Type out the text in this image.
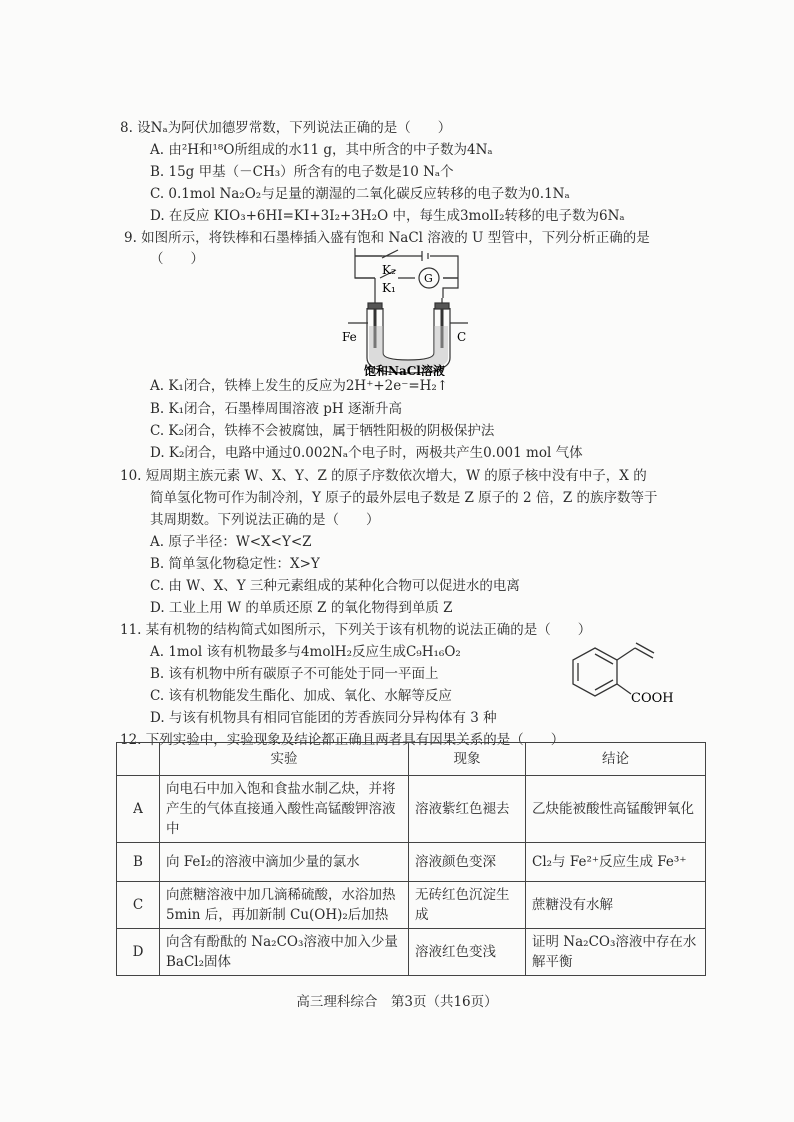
8. 设Nₐ为阿伏加德罗常数，下列说法正确的是（　　）
A. 由²H和¹⁸O所组成的水11 g，其中所含的中子数为4Nₐ
B. 15g 甲基（－CH₃）所含有的电子数是10 Nₐ个
C. 0.1mol Na₂O₂与足量的潮湿的二氧化碳反应转移的电子数为0.1Nₐ
D. 在反应 KIO₃+6HI=KI+3I₂+3H₂O 中，每生成3molI₂转移的电子数为6Nₐ
9. 如图所示，将铁棒和石墨棒插入盛有饱和 NaCl 溶液的 U 型管中，下列分析正确的是
（　　）
K₂
K₁
G
Fe	C
饱和NaCl溶液
A. K₁闭合，铁棒上发生的反应为2H⁺+2e⁻=H₂↑
B. K₁闭合，石墨棒周围溶液 pH 逐渐升高
C. K₂闭合，铁棒不会被腐蚀，属于牺牲阳极的阴极保护法
D. K₂闭合，电路中通过0.002Nₐ个电子时，两极共产生0.001 mol 气体
10. 短周期主族元素 W、X、Y、Z 的原子序数依次增大，W 的原子核中没有中子，X 的
简单氢化物可作为制冷剂，Y 原子的最外层电子数是 Z 原子的 2 倍，Z 的族序数等于
其周期数。下列说法正确的是（　　）
A. 原子半径：W<X<Y<Z
B. 简单氢化物稳定性：X>Y
C. 由 W、X、Y 三种元素组成的某种化合物可以促进水的电离
D. 工业上用 W 的单质还原 Z 的氧化物得到单质 Z
11. 某有机物的结构简式如图所示，下列关于该有机物的说法正确的是（　　）
A. 1mol 该有机物最多与4molH₂反应生成C₉H₁₆O₂
B. 该有机物中所有碳原子不可能处于同一平面上
C. 该有机物能发生酯化、加成、氧化、水解等反应
D. 与该有机物具有相同官能团的芳香族同分异构体有 3 种
COOH
12. 下列实验中，实验现象及结论都正确且两者具有因果关系的是（　　）
	实验	现象	结论
A	向电石中加入饱和食盐水制乙炔，并将产生的气体直接通入酸性高锰酸钾溶液中	溶液紫红色褪去	乙炔能被酸性高锰酸钾氧化
B	向 FeI₂的溶液中滴加少量的氯水	溶液颜色变深	Cl₂与 Fe²⁺反应生成 Fe³⁺
C	向蔗糖溶液中加几滴稀硫酸，水浴加热 5min 后，再加新制 Cu(OH)₂后加热	无砖红色沉淀生成	蔗糖没有水解
D	向含有酚酞的 Na₂CO₃溶液中加入少量 BaCl₂固体	溶液红色变浅	证明 Na₂CO₃溶液中存在水解平衡
高三理科综合　第3页（共16页）
